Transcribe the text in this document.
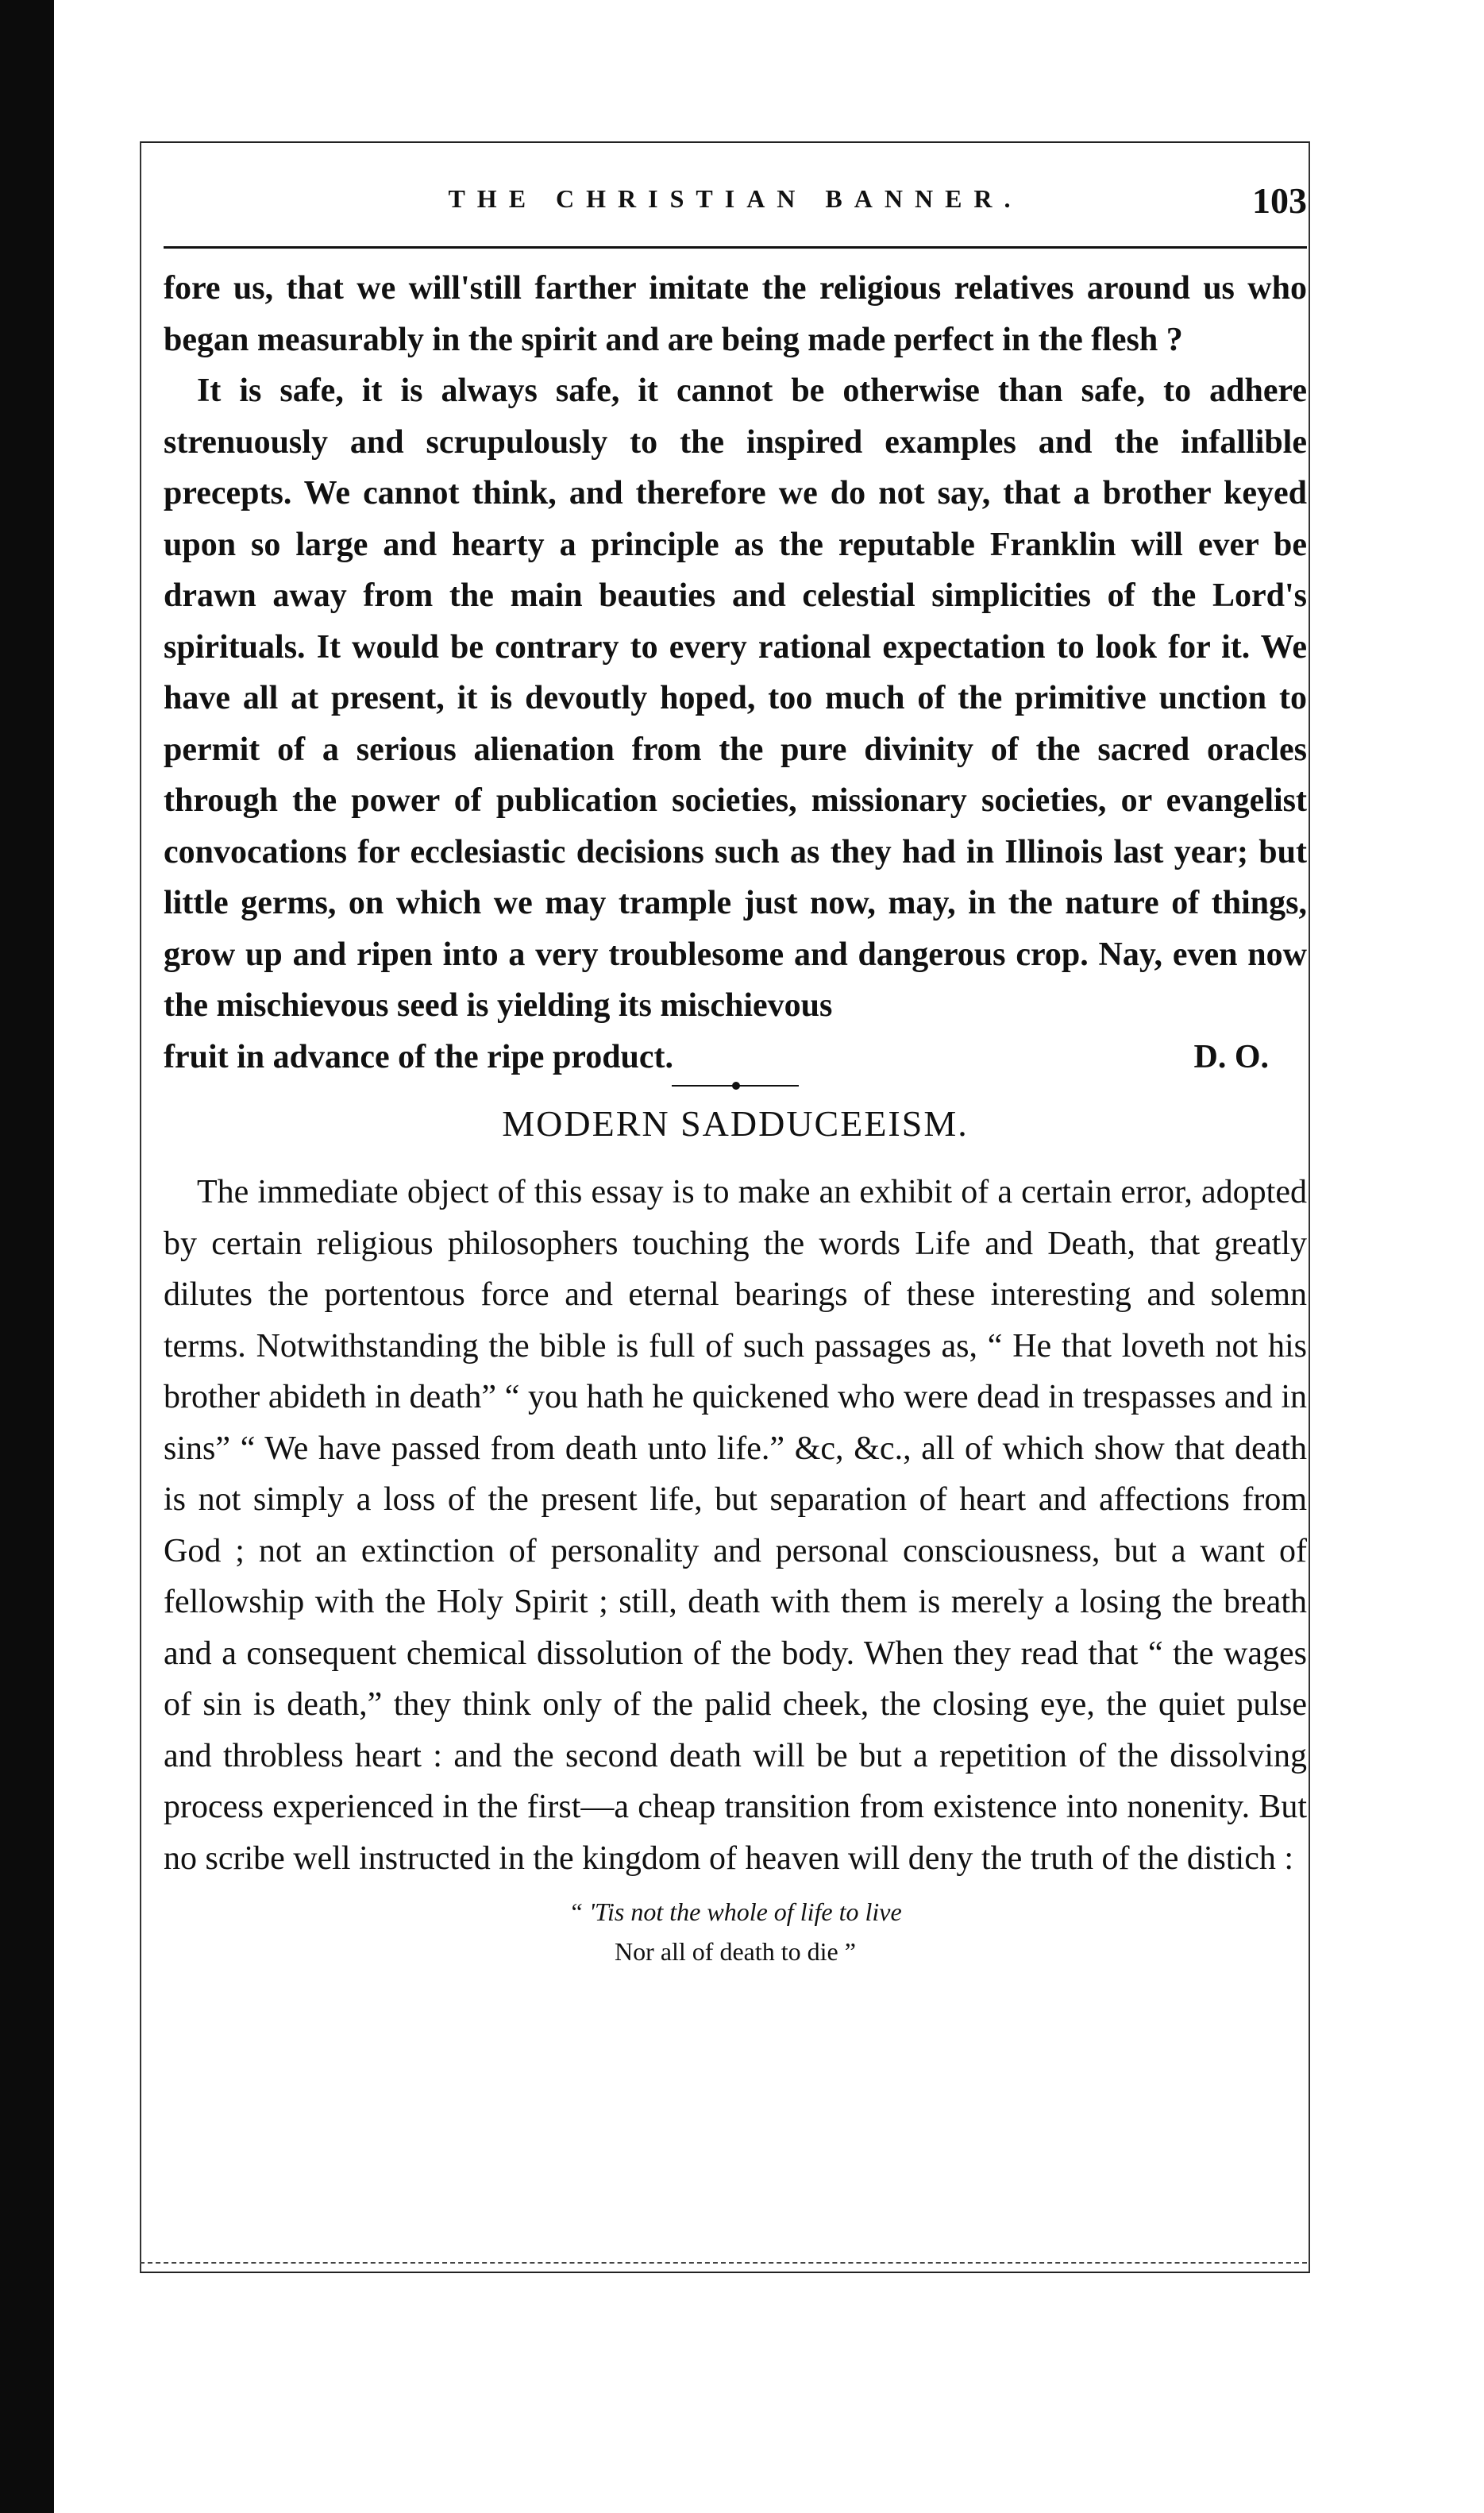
THE CHRISTIAN BANNER.	103
fore us, that we will'still farther imitate the religious relatives around us who began measurably in the spirit and are being made perfect in the flesh ?
It is safe, it is always safe, it cannot be otherwise than safe, to adhere strenuously and scrupulously to the inspired examples and the infallible precepts. We cannot think, and therefore we do not say, that a brother keyed upon so large and hearty a principle as the reputable Franklin will ever be drawn away from the main beauties and celestial simplicities of the Lord's spirituals. It would be contrary to every rational expectation to look for it. We have all at present, it is devoutly hoped, too much of the primitive unction to permit of a serious alienation from the pure divinity of the sacred oracles through the power of publication societies, missionary societies, or evangelist convocations for ecclesiastic decisions such as they had in Illinois last year; but little germs, on which we may trample just now, may, in the nature of things, grow up and ripen into a very troublesome and dangerous crop. Nay, even now the mischievous seed is yielding its mischievous
fruit in advance of the ripe product.	D. O.
MODERN SADDUCEEISM.

The immediate object of this essay is to make an exhibit of a certain error, adopted by certain religious philosophers touching the words Life and Death, that greatly dilutes the portentous force and eternal bearings of these interesting and solemn terms. Notwithstanding the bible is full of such passages as, “ He that loveth not his brother abideth in death” “ you hath he quickened who were dead in trespasses and in sins” “ We have passed from death unto life.” &c, &c., all of which show that death is not simply a loss of the present life, but separation of heart and affections from God ; not an extinction of personality and personal consciousness, but a want of fellowship with the Holy Spirit ; still, death with them is merely a losing the breath and a consequent chemical dissolution of the body. When they read that “ the wages of sin is death,” they think only of the palid cheek, the closing eye, the quiet pulse and throbless heart : and the second death will be but a repetition of the dissolving process experienced in the first—a cheap transition from existence into nonenity. But no scribe well instructed in the kingdom of heaven will deny the truth of the distich :

“ 'Tis not the whole of life to live
Nor all of death to die ”
